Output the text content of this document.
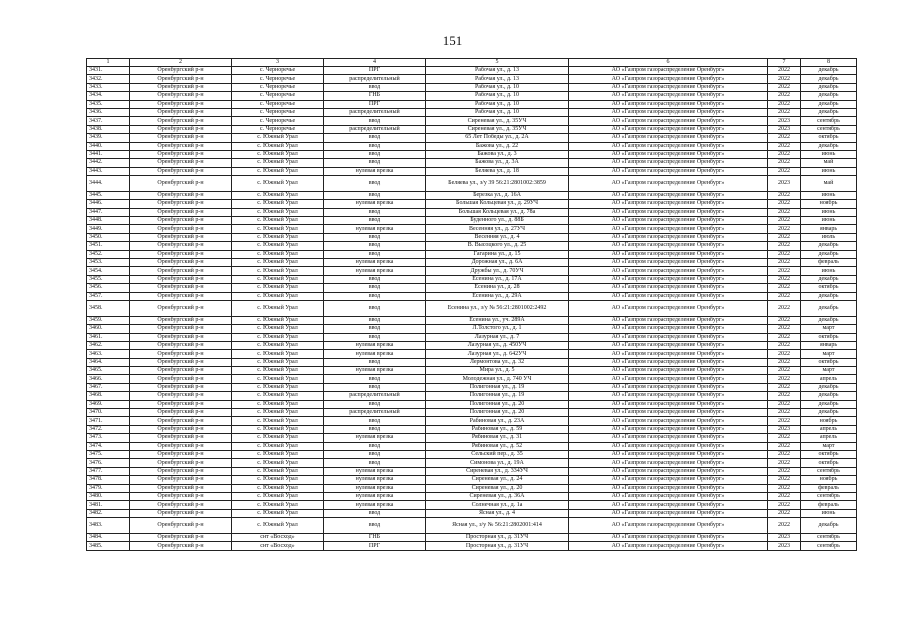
151
1	2	3	4	5	6	7	8
3431.	Оренбургский р-н	с. Черноречье	ПРГ	Рабочая ул., д. 13	АО «Газпром газораспределение Оренбург»	2022	декабрь
3432.	Оренбургский р-н	с. Черноречье	распределительный	Рабочая ул., д. 13	АО «Газпром газораспределение Оренбург»	2022	декабрь
3433.	Оренбургский р-н	с. Черноречье	ввод	Рабочая ул., д. 10	АО «Газпром газораспределение Оренбург»	2022	декабрь
3434.	Оренбургский р-н	с. Черноречье	ГНБ	Рабочая ул., д. 10	АО «Газпром газораспределение Оренбург»	2022	декабрь
3435.	Оренбургский р-н	с. Черноречье	ПРГ	Рабочая ул., д. 10	АО «Газпром газораспределение Оренбург»	2022	декабрь
3436.	Оренбургский р-н	с. Черноречье	распределительный	Рабочая ул., д. 10	АО «Газпром газораспределение Оренбург»	2022	декабрь
3437.	Оренбургский р-н	с. Черноречье	ввод	Сиреневая ул., д. 35УЧ	АО «Газпром газораспределение Оренбург»	2023	сентябрь
3438.	Оренбургский р-н	с. Черноречье	распределительный	Сиреневая ул., д. 35УЧ	АО «Газпром газораспределение Оренбург»	2023	сентябрь
3439.	Оренбургский р-н	с. Южный Урал	ввод	65 Лет Победы ул., д. 2А	АО «Газпром газораспределение Оренбург»	2022	октябрь
3440.	Оренбургский р-н	с. Южный Урал	ввод	Бажова ул., д. 22	АО «Газпром газораспределение Оренбург»	2022	декабрь
3441.	Оренбургский р-н	с. Южный Урал	ввод	Бажова ул., д. 3	АО «Газпром газораспределение Оренбург»	2022	июнь
3442.	Оренбургский р-н	с. Южный Урал	ввод	Бажова ул., д. 3А	АО «Газпром газораспределение Оренбург»	2022	май
3443.	Оренбургский р-н	с. Южный Урал	нулевая врезка	Беляева ул., д. 18	АО «Газпром газораспределение Оренбург»	2022	июнь
3444.	Оренбургский р-н	с. Южный Урал	ввод	Беляева ул., з/у 39 56:21:2801002:3859	АО «Газпром газораспределение Оренбург»	2023	май
3445.	Оренбургский р-н	с. Южный Урал	ввод	Березка ул., д. 16А	АО «Газпром газораспределение Оренбург»	2022	июнь
3446.	Оренбургский р-н	с. Южный Урал	нулевая врезка	Большая Кольцевая ул., д. 29УЧ	АО «Газпром газораспределение Оренбург»	2022	ноябрь
3447.	Оренбургский р-н	с. Южный Урал	ввод	Большая Кольцевая ул., д. 78а	АО «Газпром газораспределение Оренбург»	2022	июнь
3448.	Оренбургский р-н	с. Южный Урал	ввод	Буденного ул., д. 88Б	АО «Газпром газораспределение Оренбург»	2022	июнь
3449.	Оренбургский р-н	с. Южный Урал	нулевая врезка	Весенняя ул., д. 27УЧ	АО «Газпром газораспределение Оренбург»	2022	январь
3450.	Оренбургский р-н	с. Южный Урал	ввод	Весенняя ул., д. 4	АО «Газпром газораспределение Оренбург»	2022	июль
3451.	Оренбургский р-н	с. Южный Урал	ввод	В. Высоцкого ул., д. 25	АО «Газпром газораспределение Оренбург»	2022	декабрь
3452.	Оренбургский р-н	с. Южный Урал	ввод	Гагарина ул., д. 15	АО «Газпром газораспределение Оренбург»	2022	декабрь
3453.	Оренбургский р-н	с. Южный Урал	нулевая врезка	Дорожная ул., д. 6А	АО «Газпром газораспределение Оренбург»	2022	февраль
3454.	Оренбургский р-н	с. Южный Урал	нулевая врезка	Дружбы ул., д. 70УЧ	АО «Газпром газораспределение Оренбург»	2022	июнь
3455.	Оренбургский р-н	с. Южный Урал	ввод	Есенина ул., д. 17А	АО «Газпром газораспределение Оренбург»	2022	декабрь
3456.	Оренбургский р-н	с. Южный Урал	ввод	Есенина ул., д. 28	АО «Газпром газораспределение Оренбург»	2022	октябрь
3457.	Оренбургский р-н	с. Южный Урал	ввод	Есенина ул., д. 29А	АО «Газпром газораспределение Оренбург»	2022	декабрь
3458.	Оренбургский р-н	с. Южный Урал	ввод	Есенина ул., з/у № 56:21:2801002:2492	АО «Газпром газораспределение Оренбург»	2022	декабрь
3459.	Оренбургский р-н	с. Южный Урал	ввод	Есенина ул., уч. 289А	АО «Газпром газораспределение Оренбург»	2022	декабрь
3460.	Оренбургский р-н	с. Южный Урал	ввод	Л.Толстого ул., д. 1	АО «Газпром газораспределение Оренбург»	2022	март
3461.	Оренбургский р-н	с. Южный Урал	ввод	Лазурная ул., д. 7	АО «Газпром газораспределение Оренбург»	2022	октябрь
3462.	Оренбургский р-н	с. Южный Урал	нулевая врезка	Лазурная ул., д. 450УЧ	АО «Газпром газораспределение Оренбург»	2022	январь
3463.	Оренбургский р-н	с. Южный Урал	нулевая врезка	Лазурная ул., д. 642УЧ	АО «Газпром газораспределение Оренбург»	2022	март
3464.	Оренбургский р-н	с. Южный Урал	ввод	Лермонтова ул., д. 32	АО «Газпром газораспределение Оренбург»	2022	октябрь
3465.	Оренбургский р-н	с. Южный Урал	нулевая врезка	Мира ул., д. 5	АО «Газпром газораспределение Оренбург»	2022	март
3466.	Оренбургский р-н	с. Южный Урал	ввод	Молодежная ул., д. 740 УЧ	АО «Газпром газораспределение Оренбург»	2022	апрель
3467.	Оренбургский р-н	с. Южный Урал	ввод	Полигонная ул., д. 19	АО «Газпром газораспределение Оренбург»	2022	декабрь
3468.	Оренбургский р-н	с. Южный Урал	распределительный	Полигонная ул., д. 19	АО «Газпром газораспределение Оренбург»	2022	декабрь
3469.	Оренбургский р-н	с. Южный Урал	ввод	Полигонная ул., д. 20	АО «Газпром газораспределение Оренбург»	2022	декабрь
3470.	Оренбургский р-н	с. Южный Урал	распределительный	Полигонная ул., д. 20	АО «Газпром газораспределение Оренбург»	2022	декабрь
3471.	Оренбургский р-н	с. Южный Урал	ввод	Рабиновая ул., д. 23А	АО «Газпром газораспределение Оренбург»	2022	ноябрь
3472.	Оренбургский р-н	с. Южный Урал	ввод	Рабиновая ул., д. 59	АО «Газпром газораспределение Оренбург»	2023	апрель
3473.	Оренбургский р-н	с. Южный Урал	нулевая врезка	Рябиновая ул., д. 31	АО «Газпром газораспределение Оренбург»	2022	апрель
3474.	Оренбургский р-н	с. Южный Урал	ввод	Рябиновая ул., д. 52	АО «Газпром газораспределение Оренбург»	2022	март
3475.	Оренбургский р-н	с. Южный Урал	ввод	Сельский пер., д. 35	АО «Газпром газораспределение Оренбург»	2022	октябрь
3476.	Оренбургский р-н	с. Южный Урал	ввод	Симонова ул., д. 19А	АО «Газпром газораспределение Оренбург»	2022	октябрь
3477.	Оренбургский р-н	с. Южный Урал	нулевая врезка	Сиреневая ул., д. 334УЧ	АО «Газпром газораспределение Оренбург»	2022	сентябрь
3478.	Оренбургский р-н	с. Южный Урал	нулевая врезка	Сиреневая ул., д. 24	АО «Газпром газораспределение Оренбург»	2022	ноябрь
3479.	Оренбургский р-н	с. Южный Урал	нулевая врезка	Сиреневая ул., д. 20	АО «Газпром газораспределение Оренбург»	2022	февраль
3480.	Оренбургский р-н	с. Южный Урал	нулевая врезка	Сиреневая ул., д. 36А	АО «Газпром газораспределение Оренбург»	2022	сентябрь
3481.	Оренбургский р-н	с. Южный Урал	нулевая врезка	Солнечная ул., д. 1а	АО «Газпром газораспределение Оренбург»	2022	февраль
3482.	Оренбургский р-н	с. Южный Урал	ввод	Ясная ул., д. 4	АО «Газпром газораспределение Оренбург»	2022	июнь
3483.	Оренбургский р-н	с. Южный Урал	ввод	Ясная ул., з/у № 56:21:2802001:414	АО «Газпром газораспределение Оренбург»	2022	декабрь
3484.	Оренбургский р-н	снт «Восход»	ГНБ	Просторная ул., д. 31УЧ	АО «Газпром газораспределение Оренбург»	2023	сентябрь
3485.	Оренбургский р-н	снт «Восход»	ПРГ	Просторная ул., д. 31УЧ	АО «Газпром газораспределение Оренбург»	2023	сентябрь
